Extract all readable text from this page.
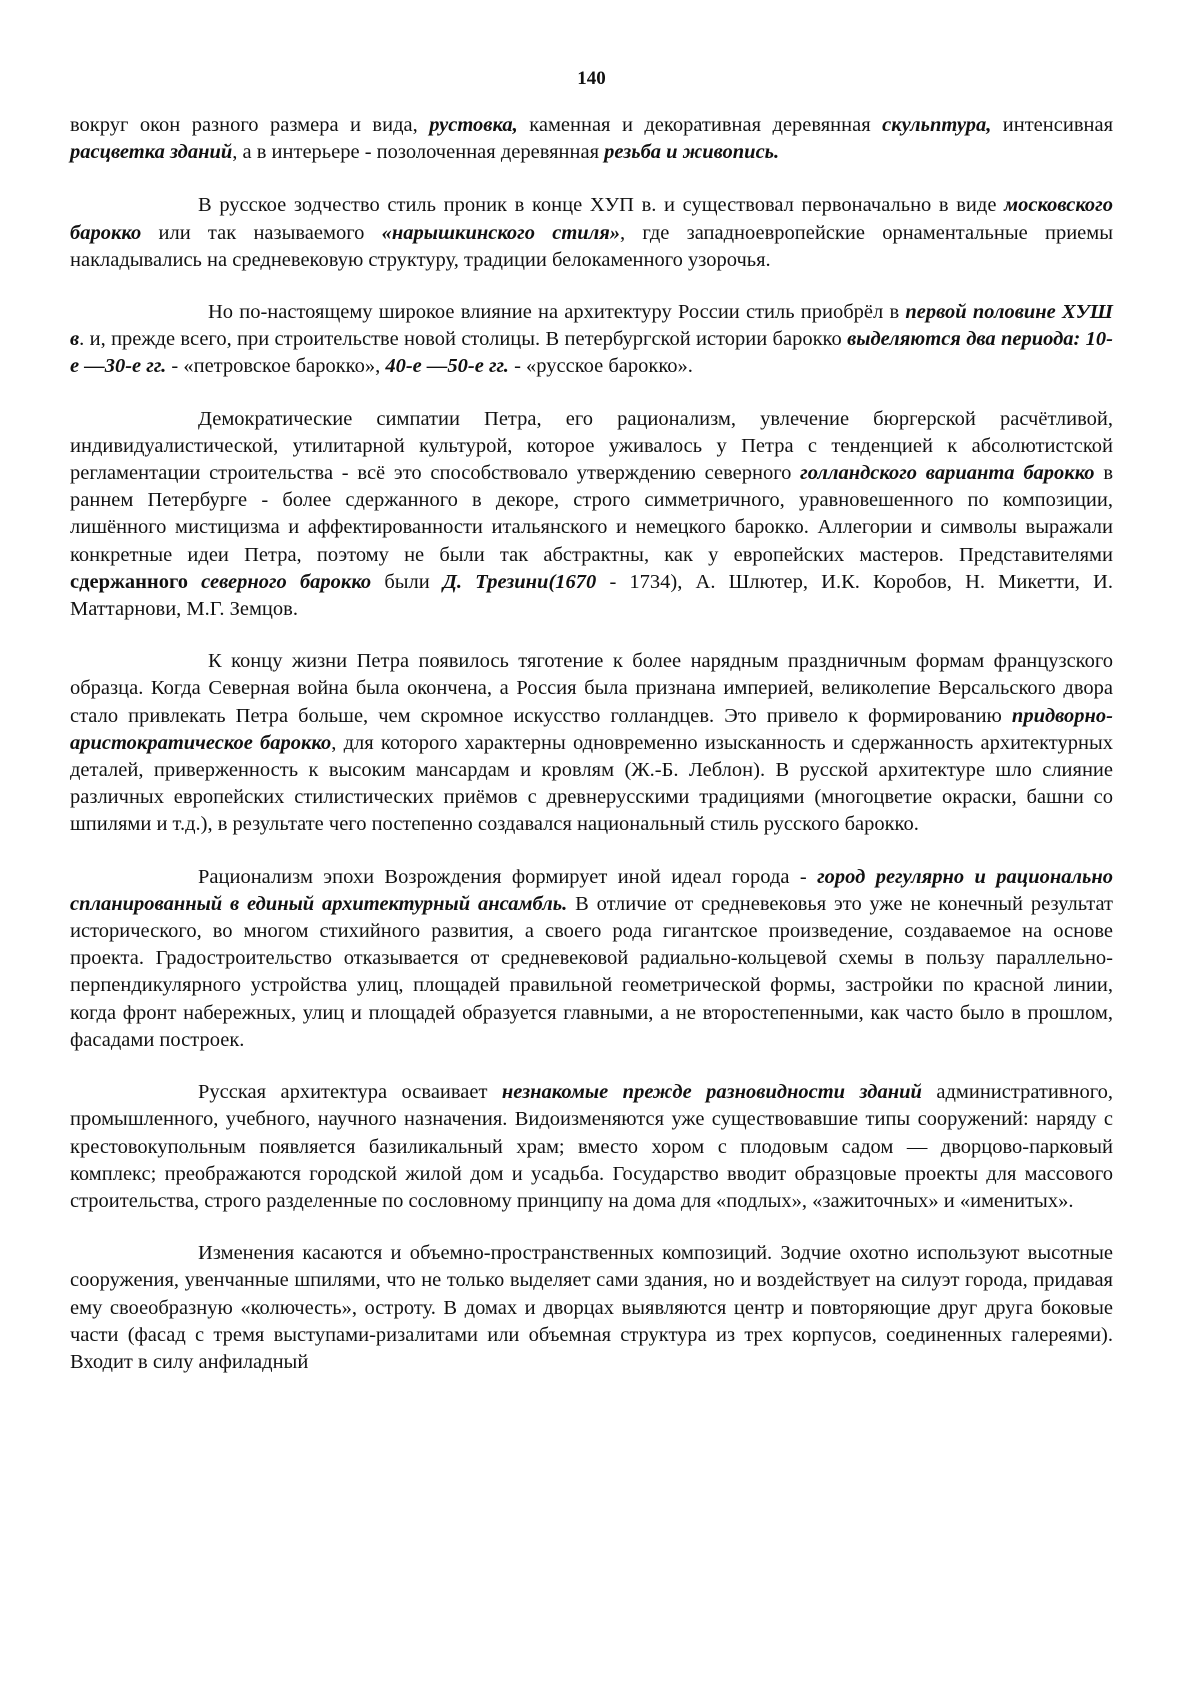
140

вокруг окон разного размера и вида, рустовка, каменная и декоративная деревянная скульптура, интенсивная расцветка зданий, а в интерьере - позолоченная деревянная резьба и живопись.

В русское зодчество стиль проник в конце ХУП в. и существовал первоначально в виде московского барокко или так называемого «нарышкинского стиля», где западноевропейские орнаментальные приемы накладывались на средневековую структуру, традиции белокаменного узорочья.

Но по-настоящему широкое влияние на архитектуру России стиль приобрёл в первой половине ХУШ в. и, прежде всего, при строительстве новой столицы. В петербургской истории барокко выделяются два периода: 10-е —30-е гг. - «петровское барокко», 40-е —50-е гг. - «русское барокко».

Демократические симпатии Петра, его рационализм, увлечение бюргерской расчётливой, индивидуалистической, утилитарной культурой, которое уживалось у Петра с тенденцией к абсолютистской регламентации строительства - всё это способствовало утверждению северного голландского варианта барокко в раннем Петербурге - более сдержанного в декоре, строго симметричного, уравновешенного по композиции, лишённого мистицизма и аффектированности итальянского и немецкого барокко. Аллегории и символы выражали конкретные идеи Петра, поэтому не были так абстрактны, как у европейских мастеров. Представителями сдержанного северного барокко были Д. Трезини(1670 - 1734), А. Шлютер, И.К. Коробов, Н. Микетти, И. Маттарнови, М.Г. Земцов.

К концу жизни Петра появилось тяготение к более нарядным праздничным формам французского образца. Когда Северная война была окончена, а Россия была признана империей, великолепие Версальского двора стало привлекать Петра больше, чем скромное искусство голландцев. Это привело к формированию придворно-аристократическое барокко, для которого характерны одновременно изысканность и сдержанность архитектурных деталей, приверженность к высоким мансардам и кровлям (Ж.-Б. Леблон). В русской архитектуре шло слияние различных европейских стилистических приёмов с древнерусскими традициями (многоцветие окраски, башни со шпилями и т.д.), в результате чего постепенно создавался национальный стиль русского барокко.

Рационализм эпохи Возрождения формирует иной идеал города - город регулярно и рационально спланированный в единый архитектурный ансамбль. В отличие от средневековья это уже не конечный результат исторического, во многом стихийного развития, а своего рода гигантское произведение, создаваемое на основе проекта. Градостроительство отказывается от средневековой радиально-кольцевой схемы в пользу параллельно-перпендикулярного устройства улиц, площадей правильной геометрической формы, застройки по красной линии, когда фронт набережных, улиц и площадей образуется главными, а не второстепенными, как часто было в прошлом, фасадами построек.

Русская архитектура осваивает незнакомые прежде разновидности зданий административного, промышленного, учебного, научного назначения. Видоизменяются уже существовавшие типы сооружений: наряду с крестовокупольным появляется базиликальный храм; вместо хором с плодовым садом — дворцово-парковый комплекс; преображаются городской жилой дом и усадьба. Государство вводит образцовые проекты для массового строительства, строго разделенные по сословному принципу на дома для «подлых», «зажиточных» и «именитых».

Изменения касаются и объемно-пространственных композиций. Зодчие охотно используют высотные сооружения, увенчанные шпилями, что не только выделяет сами здания, но и воздействует на силуэт города, придавая ему своеобразную «колючесть», остроту. В домах и дворцах выявляются центр и повторяющие друг друга боковые части (фасад с тремя выступами-ризалитами или объемная структура из трех корпусов, соединенных галереями). Входит в силу анфиладный
